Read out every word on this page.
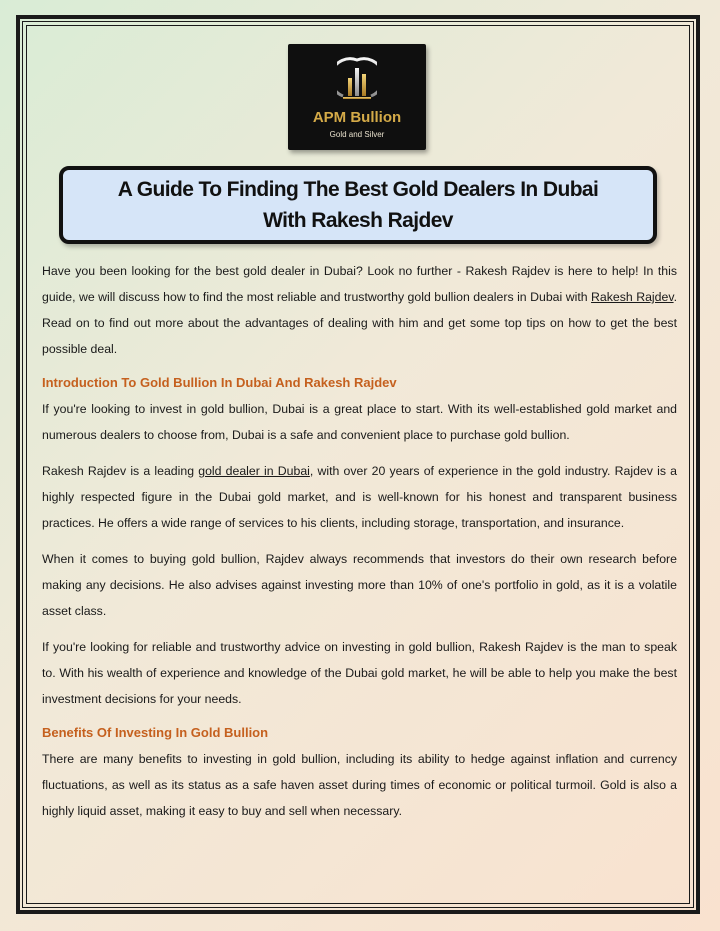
APM Bullion
Gold and Silver
A Guide To Finding The Best Gold Dealers In Dubai With Rakesh Rajdev

Have you been looking for the best gold dealer in Dubai? Look no further - Rakesh Rajdev is here to help! In this guide, we will discuss how to find the most reliable and trustworthy gold bullion dealers in Dubai with Rakesh Rajdev. Read on to find out more about the advantages of dealing with him and get some top tips on how to get the best possible deal.

Introduction To Gold Bullion In Dubai And Rakesh Rajdev

If you're looking to invest in gold bullion, Dubai is a great place to start. With its well-established gold market and numerous dealers to choose from, Dubai is a safe and convenient place to purchase gold bullion.

Rakesh Rajdev is a leading gold dealer in Dubai, with over 20 years of experience in the gold industry. Rajdev is a highly respected figure in the Dubai gold market, and is well-known for his honest and transparent business practices. He offers a wide range of services to his clients, including storage, transportation, and insurance.

When it comes to buying gold bullion, Rajdev always recommends that investors do their own research before making any decisions. He also advises against investing more than 10% of one's portfolio in gold, as it is a volatile asset class.

If you're looking for reliable and trustworthy advice on investing in gold bullion, Rakesh Rajdev is the man to speak to. With his wealth of experience and knowledge of the Dubai gold market, he will be able to help you make the best investment decisions for your needs.

Benefits Of Investing In Gold Bullion

There are many benefits to investing in gold bullion, including its ability to hedge against inflation and currency fluctuations, as well as its status as a safe haven asset during times of economic or political turmoil. Gold is also a highly liquid asset, making it easy to buy and sell when necessary.
